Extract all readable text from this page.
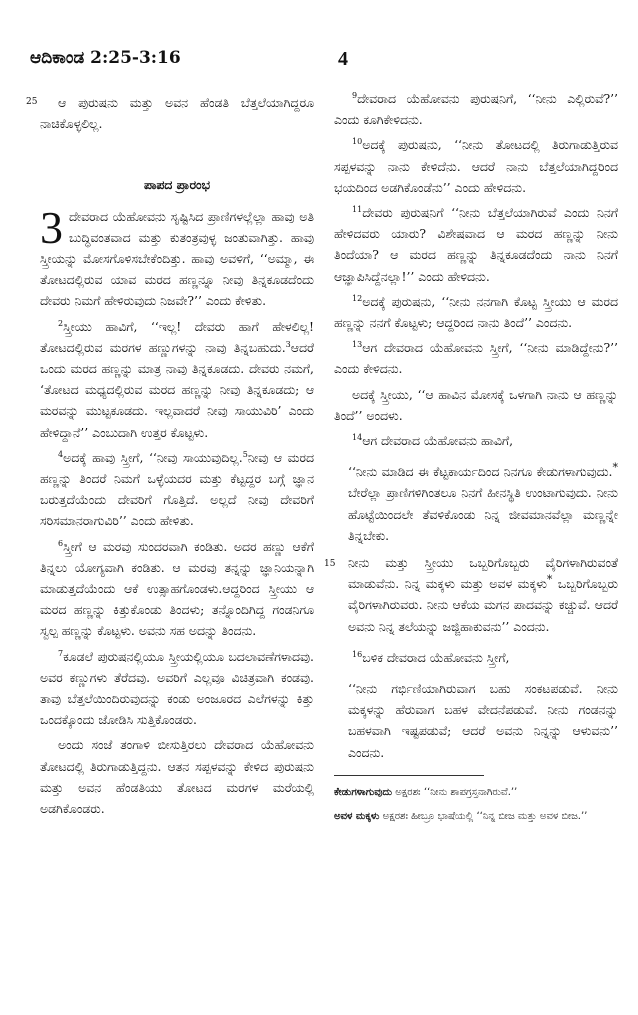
ಆದಿಕಾಂಡ 2:25-3:16	4
25	ಆ ಪುರುಷನು ಮತ್ತು ಅವನ ಹೆಂಡತಿ ಬೆತ್ತಲೆಯಾಗಿದ್ದರೂ ನಾಚಿಕೊಳ್ಳಲಿಲ್ಲ.

ಪಾಪದ ಪ್ರಾರಂಭ
3 ದೇವರಾದ ಯೆಹೋವನು ಸೃಷ್ಟಿಸಿದ ಪ್ರಾಣಿಗಳಲ್ಲೆಲ್ಲಾ ಹಾವು ಅತಿ ಬುದ್ಧಿವಂತವಾದ ಮತ್ತು ಕುತಂತ್ರವುಳ್ಳ ಜಂತುವಾಗಿತ್ತು. ಹಾವು ಸ್ತ್ರೀಯನ್ನು ಮೋಸಗೊಳಿಸಬೇಕೆಂದಿತ್ತು. ಹಾವು ಅವಳಿಗೆ, ‘‘ಅಮ್ಮಾ, ಈ ತೋಟದಲ್ಲಿರುವ ಯಾವ ಮರದ ಹಣ್ಣನ್ನೂ ನೀವು ತಿನ್ನಕೂಡದೆಂದು ದೇವರು ನಿಮಗೆ ಹೇಳಿರುವುದು ನಿಜವೇ?’’ ಎಂದು ಕೇಳಿತು.

$^2$ಸ್ತ್ರೀಯು ಹಾವಿಗೆ, ‘‘ಇಲ್ಲ! ದೇವರು ಹಾಗೆ ಹೇಳಲಿಲ್ಲ! ತೋಟದಲ್ಲಿರುವ ಮರಗಳ ಹಣ್ಣುಗಳನ್ನು ನಾವು ತಿನ್ನಬಹುದು.$^3$ಆದರೆ ಒಂದು ಮರದ ಹಣ್ಣನ್ನು ಮಾತ್ರ ನಾವು ತಿನ್ನಕೂಡದು. ದೇವರು ನಮಗೆ, ‘ತೋಟದ ಮಧ್ಯದಲ್ಲಿರುವ ಮರದ ಹಣ್ಣನ್ನು ನೀವು ತಿನ್ನಕೂಡದು; ಆ ಮರವನ್ನು ಮುಟ್ಟಕೂಡದು. ಇಲ್ಲವಾದರೆ ನೀವು ಸಾಯುವಿರಿ’ ಎಂದು ಹೇಳಿದ್ದಾನೆ’’ ಎಂಬುದಾಗಿ ಉತ್ತರ ಕೊಟ್ಟಳು.

$^4$ಅದಕ್ಕೆ ಹಾವು ಸ್ತ್ರೀಗೆ, ‘‘ನೀವು ಸಾಯುವುದಿಲ್ಲ.$^5$ನೀವು ಆ ಮರದ ಹಣ್ಣನ್ನು ತಿಂದರೆ ನಿಮಗೆ ಒಳ್ಳೆಯದರ ಮತ್ತು ಕೆಟ್ಟದ್ದರ ಬಗ್ಗೆ ಜ್ಞಾನ ಬರುತ್ತದೆಯೆಂದು ದೇವರಿಗೆ ಗೊತ್ತಿದೆ. ಅಲ್ಲದೆ ನೀವು ದೇವರಿಗೆ ಸರಿಸಮಾನರಾಗುವಿರಿ’’ ಎಂದು ಹೇಳಿತು.

$^6$ಸ್ತ್ರೀಗೆ ಆ ಮರವು ಸುಂದರವಾಗಿ ಕಂಡಿತು. ಅದರ ಹಣ್ಣು ಆಕೆಗೆ ತಿನ್ನಲು ಯೋಗ್ಯವಾಗಿ ಕಂಡಿತು. ಆ ಮರವು ತನ್ನನ್ನು ಜ್ಞಾನಿಯನ್ನಾಗಿ ಮಾಡುತ್ತದೆಯೆಂದು ಆಕೆ ಉತ್ಸಾಹಗೊಂಡಳು.ಆದ್ದರಿಂದ ಸ್ತ್ರೀಯು ಆ ಮರದ ಹಣ್ಣನ್ನು ಕಿತ್ತುಕೊಂಡು ತಿಂದಳು; ತನ್ನೊಂದಿಗಿದ್ದ ಗಂಡನಿಗೂ ಸ್ವಲ್ಪ ಹಣ್ಣನ್ನು ಕೊಟ್ಟಳು. ಅವನು ಸಹ ಅದನ್ನು ತಿಂದನು.

$^7$ಕೂಡಲೆ ಪುರುಷನಲ್ಲಿಯೂ ಸ್ತ್ರೀಯಲ್ಲಿಯೂ ಬದಲಾವಣೆಗಳಾದವು. ಅವರ ಕಣ್ಣುಗಳು ತೆರೆದವು. ಅವರಿಗೆ ಎಲ್ಲವೂ ವಿಚಿತ್ರವಾಗಿ ಕಂಡವು. ತಾವು ಬೆತ್ತಲೆಯಿಂದಿರುವುದನ್ನು ಕಂಡು ಅಂಜೂರದ ಎಲೆಗಳನ್ನು ಕಿತ್ತು ಒಂದಕ್ಕೊಂದು ಜೋಡಿಸಿ ಸುತ್ತಿಕೊಂಡರು.

ಅಂದು ಸಂಜೆ ತಂಗಾಳಿ ಬೀಸುತ್ತಿರಲು ದೇವರಾದ ಯೆಹೋವನು ತೋಟದಲ್ಲಿ ತಿರುಗಾಡುತ್ತಿದ್ದನು. ಆತನ ಸಪ್ಪಳವನ್ನು ಕೇಳಿದ ಪುರುಷನು ಮತ್ತು ಅವನ ಹೆಂಡತಿಯು ತೋಟದ ಮರಗಳ ಮರೆಯಲ್ಲಿ ಅಡಗಿಕೊಂಡರು.

$^9$ದೇವರಾದ ಯೆಹೋವನು ಪುರುಷನಿಗೆ, ‘‘ನೀನು ಎಲ್ಲಿರುವೆ?’’ ಎಂದು ಕೂಗಿಕೇಳಿದನು.

$^{10}$ಅದಕ್ಕೆ ಪುರುಷನು, ‘‘ನೀನು ತೋಟದಲ್ಲಿ ತಿರುಗಾಡುತ್ತಿರುವ ಸಪ್ಪಳವನ್ನು ನಾನು ಕೇಳಿದೆನು. ಆದರೆ ನಾನು ಬೆತ್ತಲೆಯಾಗಿದ್ದರಿಂದ ಭಯದಿಂದ ಅಡಗಿಕೊಂಡೆನು’’ ಎಂದು ಹೇಳಿದನು.

$^{11}$ದೇವರು ಪುರುಷನಿಗೆ ‘‘ನೀನು ಬೆತ್ತಲೆಯಾಗಿರುವೆ ಎಂದು ನಿನಗೆ ಹೇಳಿದವರು ಯಾರು? ವಿಶೇಷವಾದ ಆ ಮರದ ಹಣ್ಣನ್ನು ನೀನು ತಿಂದೆಯಾ? ಆ ಮರದ ಹಣ್ಣನ್ನು ತಿನ್ನಕೂಡದೆಂದು ನಾನು ನಿನಗೆ ಆಜ್ಞಾಪಿಸಿದ್ದೆನಲ್ಲಾ!’’ ಎಂದು ಹೇಳಿದನು.

$^{12}$ಅದಕ್ಕೆ ಪುರುಷನು, ‘‘ನೀನು ನನಗಾಗಿ ಕೊಟ್ಟ ಸ್ತ್ರೀಯು ಆ ಮರದ ಹಣ್ಣನ್ನು ನನಗೆ ಕೊಟ್ಟಳು; ಆದ್ದರಿಂದ ನಾನು ತಿಂದೆ’’ ಎಂದನು.

$^{13}$ಆಗ ದೇವರಾದ ಯೆಹೋವನು ಸ್ತ್ರೀಗೆ, ‘‘ನೀನು ಮಾಡಿದ್ದೇನು?’’ ಎಂದು ಕೇಳಿದನು.

ಅದಕ್ಕೆ ಸ್ತ್ರೀಯು, ‘‘ಆ ಹಾವಿನ ಮೋಸಕ್ಕೆ ಒಳಗಾಗಿ ನಾನು ಆ ಹಣ್ಣನ್ನು ತಿಂದೆ’’ ಅಂದಳು.

$^{14}$ಆಗ ದೇವರಾದ ಯೆಹೋವನು ಹಾವಿಗೆ,

‘‘ನೀನು ಮಾಡಿದ ಈ ಕೆಟ್ಟಕಾರ್ಯದಿಂದ ನಿನಗೂ ಕೇಡುಗಳಾಗುವುದು.* ಬೇರೆಲ್ಲಾ ಪ್ರಾಣಿಗಳಿಗಿಂತಲೂ ನಿನಗೆ ಹೀನಸ್ಥಿತಿ ಉಂಟಾಗುವುದು. ನೀನು ಹೊಟ್ಟೆಯಿಂದಲೇ ತೆವಳಿಕೊಂಡು ನಿನ್ನ ಜೀವಮಾನವೆಲ್ಲಾ ಮಣ್ಣನ್ನೇ ತಿನ್ನಬೇಕು.

15 ನೀನು ಮತ್ತು ಸ್ತ್ರೀಯು ಒಬ್ಬರಿಗೊಬ್ಬರು ವೈರಿಗಳಾಗಿರುವಂತೆ ಮಾಡುವೆನು. ನಿನ್ನ ಮಕ್ಕಳು ಮತ್ತು ಅವಳ ಮಕ್ಕಳು* ಒಬ್ಬರಿಗೊಬ್ಬರು ವೈರಿಗಳಾಗಿರುವರು. ನೀನು ಆಕೆಯ ಮಗನ ಪಾದವನ್ನು ಕಚ್ಚುವೆ. ಆದರೆ ಅವನು ನಿನ್ನ ತಲೆಯನ್ನು ಜಜ್ಜಿಹಾಕುವನು’’ ಎಂದನು.

$^{16}$ಬಳಿಕ ದೇವರಾದ ಯೆಹೋವನು ಸ್ತ್ರೀಗೆ,

‘‘ನೀನು ಗರ್ಭಿಣಿಯಾಗಿರುವಾಗ ಬಹು ಸಂಕಟಪಡುವೆ. ನೀನು ಮಕ್ಕಳನ್ನು ಹೆರುವಾಗ ಬಹಳ ವೇದನೆಪಡುವೆ. ನೀನು ಗಂಡನನ್ನು ಬಹಳವಾಗಿ ಇಷ್ಟಪಡುವೆ; ಆದರೆ ಅವನು ನಿನ್ನನ್ನು ಆಳುವನು’’ ಎಂದನು.

ಕೇಡುಗಳಾಗುವುದು ಅಕ್ಷರಶಃ ‘‘ನೀನು ಶಾಪಗ್ರಸ್ತನಾಗಿರುವೆ.’’

ಅವಳ ಮಕ್ಕಳು ಅಕ್ಷರಶಃ ಹೀಬ್ರೂ ಭಾಷೆಯಲ್ಲಿ ‘‘ನಿನ್ನ ಬೀಜ ಮತ್ತು ಅವಳ ಬೀಜ.’’
